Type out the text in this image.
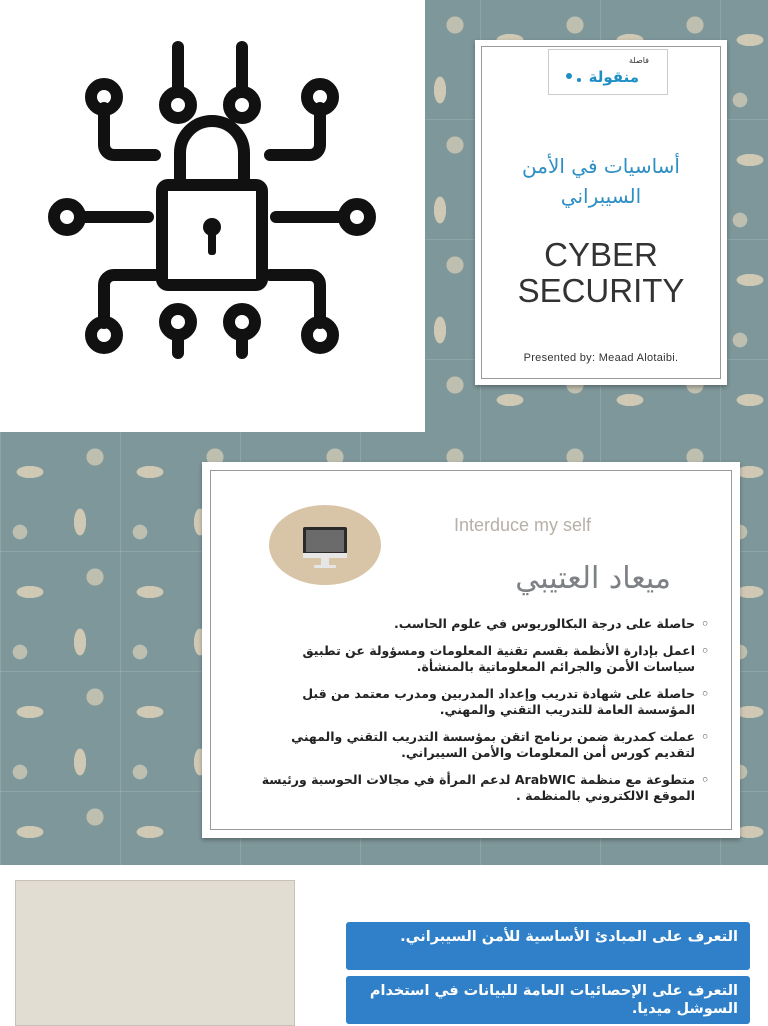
فاصلة
منقولة
أساسيات في الأمن السيبراني
CYBER
SECURITY
Presented by: Meaad Alotaibi.
Interduce my self
ميعاد العتيبي
◦ حاصلة على درجة البكالوريوس في علوم الحاسب.
◦ اعمل بإدارة الأنظمة بقسم تقنية المعلومات ومسؤولة عن تطبيق سياسات الأمن والجرائم المعلوماتية بالمنشأة.
◦ حاصلة على شهادة تدريب وإعداد المدربين ومدرب معتمد من قبل المؤسسة العامة للتدريب التقني والمهني.
◦ عملت كمدربة ضمن برنامج اتقن بمؤسسة التدريب التقني والمهني لتقديم كورس أمن المعلومات والأمن السيبراني.
◦ متطوعة مع منظمة ArabWIC لدعم المرأة في مجالات الحوسبة ورئيسة الموقع الالكتروني بالمنظمة .
التعرف على المبادئ الأساسية للأمن السيبراني.
التعرف على الإحصائيات العامة للبيانات في استخدام السوشل ميديا.
